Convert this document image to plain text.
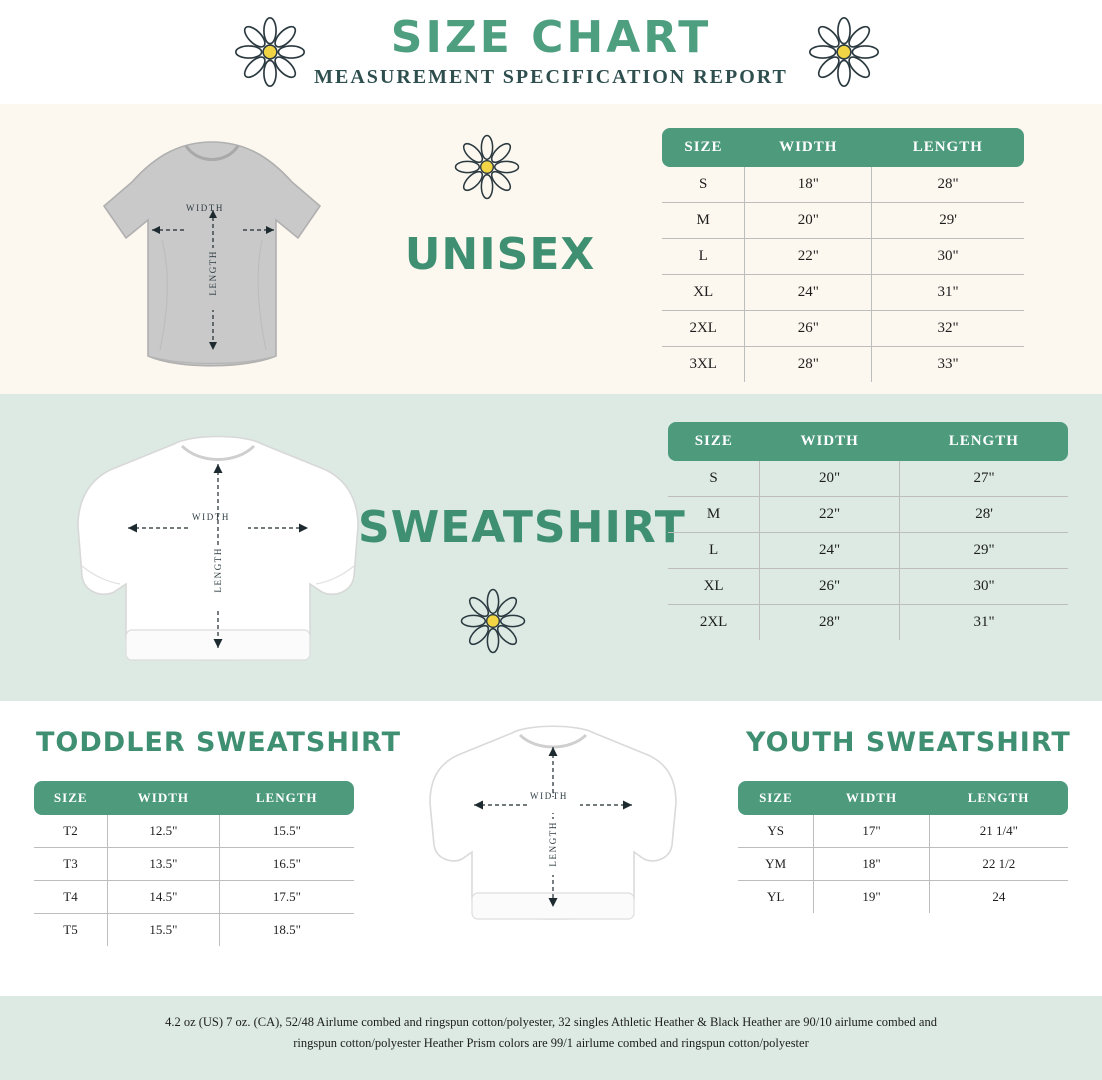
SIZE CHART
MEASUREMENT SPECIFICATION REPORT
WIDTH
LENGTH	UNISEX
SIZE	WIDTH	LENGTH
S	18"	28"
M	20"	29'
L	22"	30"
XL	24"	31"
2XL	26"	32"
3XL	28"	33"
WIDTH
LENGTH
SWEATSHIRT
SIZE	WIDTH	LENGTH
S	20"	27"
M	22"	28'
L	24"	29"
XL	26"	30"
2XL	28"	31"
TODDLER SWEATSHIRT
SIZE	WIDTH	LENGTH
T2	12.5"	15.5"
T3	13.5"	16.5"
T4	14.5"	17.5"
T5	15.5"	18.5"
WIDTH
LENGTH
YOUTH SWEATSHIRT
SIZE	WIDTH	LENGTH
YS	17"	21 1/4"
YM	18"	22 1/2
YL	19"	24
4.2 oz (US) 7 oz. (CA), 52/48 Airlume combed and ringspun cotton/polyester, 32 singles Athletic Heather & Black Heather are 90/10 airlume combed and
ringspun cotton/polyester Heather Prism colors are 99/1 airlume combed and ringspun cotton/polyester
